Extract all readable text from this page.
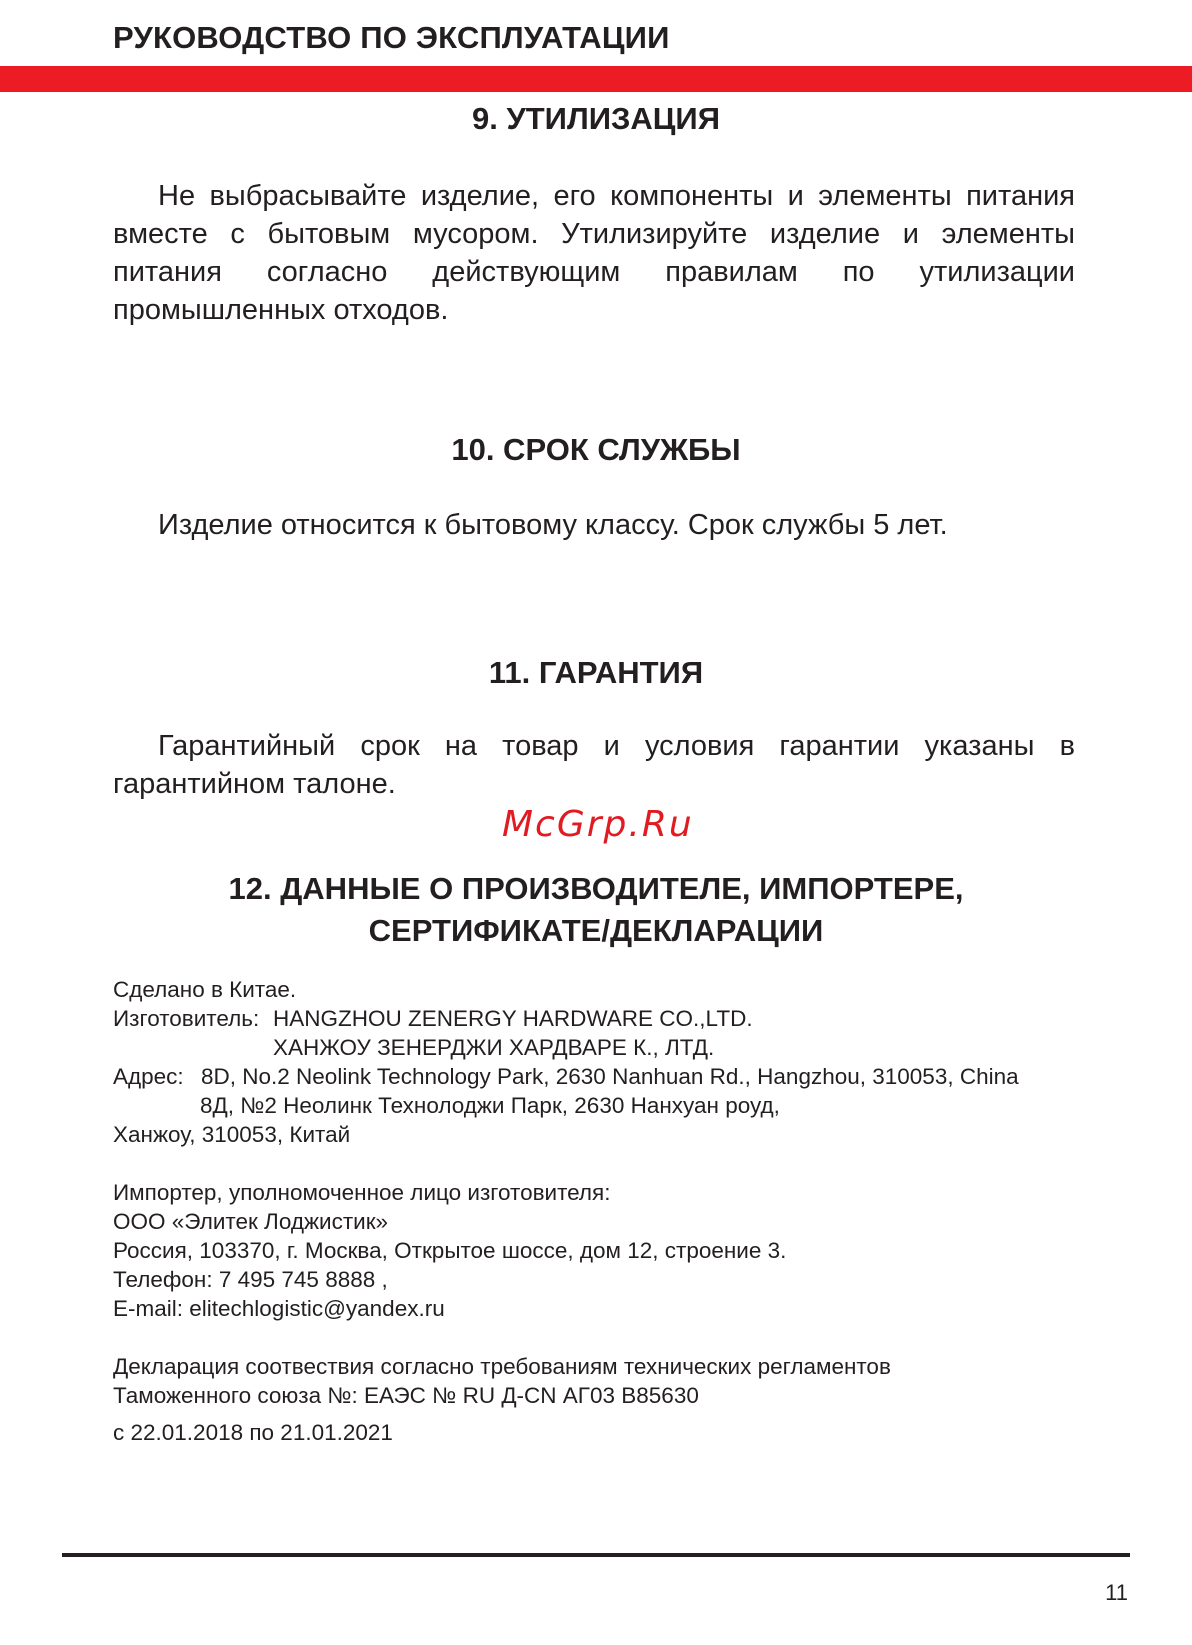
РУКОВОДСТВО ПО ЭКСПЛУАТАЦИИ
9. УТИЛИЗАЦИЯ

Не выбрасывайте изделие, его компоненты и элементы питания вместе с бытовым мусором. Утилизируйте изделие и элементы питания согласно действующим правилам по утилизации промышленных отходов.

10. СРОК СЛУЖБЫ

Изделие относится к бытовому классу. Срок службы 5 лет.

11. ГАРАНТИЯ

Гарантийный срок на товар и условия гарантии указаны в гарантийном талоне.

McGrp.Ru
12. ДАННЫЕ О ПРОИЗВОДИТЕЛЕ, ИМПОРТЕРЕ,
СЕРТИФИКАТЕ/ДЕКЛАРАЦИИ
Сделано в Китае.
Изготовитель: HANGZHOU ZENERGY HARDWARE CO.,LTD.
ХАНЖОУ ЗЕНЕРДЖИ ХАРДВАРЕ К., ЛТД.
Адрес: 8D, No.2 Neolink Technology Park, 2630 Nanhuan Rd., Hangzhou, 310053, China
8Д, №2 Неолинк Технолоджи Парк, 2630 Нанхуан роуд,
Ханжоу, 310053, Китай
Импортер, уполномоченное лицо изготовителя:
ООО «Элитек Лоджистик»
Россия, 103370, г. Москва, Открытое шоссе, дом 12, строение 3.
Телефон: 7 495 745 8888 ,
E-mail: elitechlogistic@yandex.ru
Декларация соотвествия согласно требованиям технических регламентов
Таможенного союза №: ЕАЭС № RU Д-CN АГ03 В85630
с 22.01.2018 по 21.01.2021
11
